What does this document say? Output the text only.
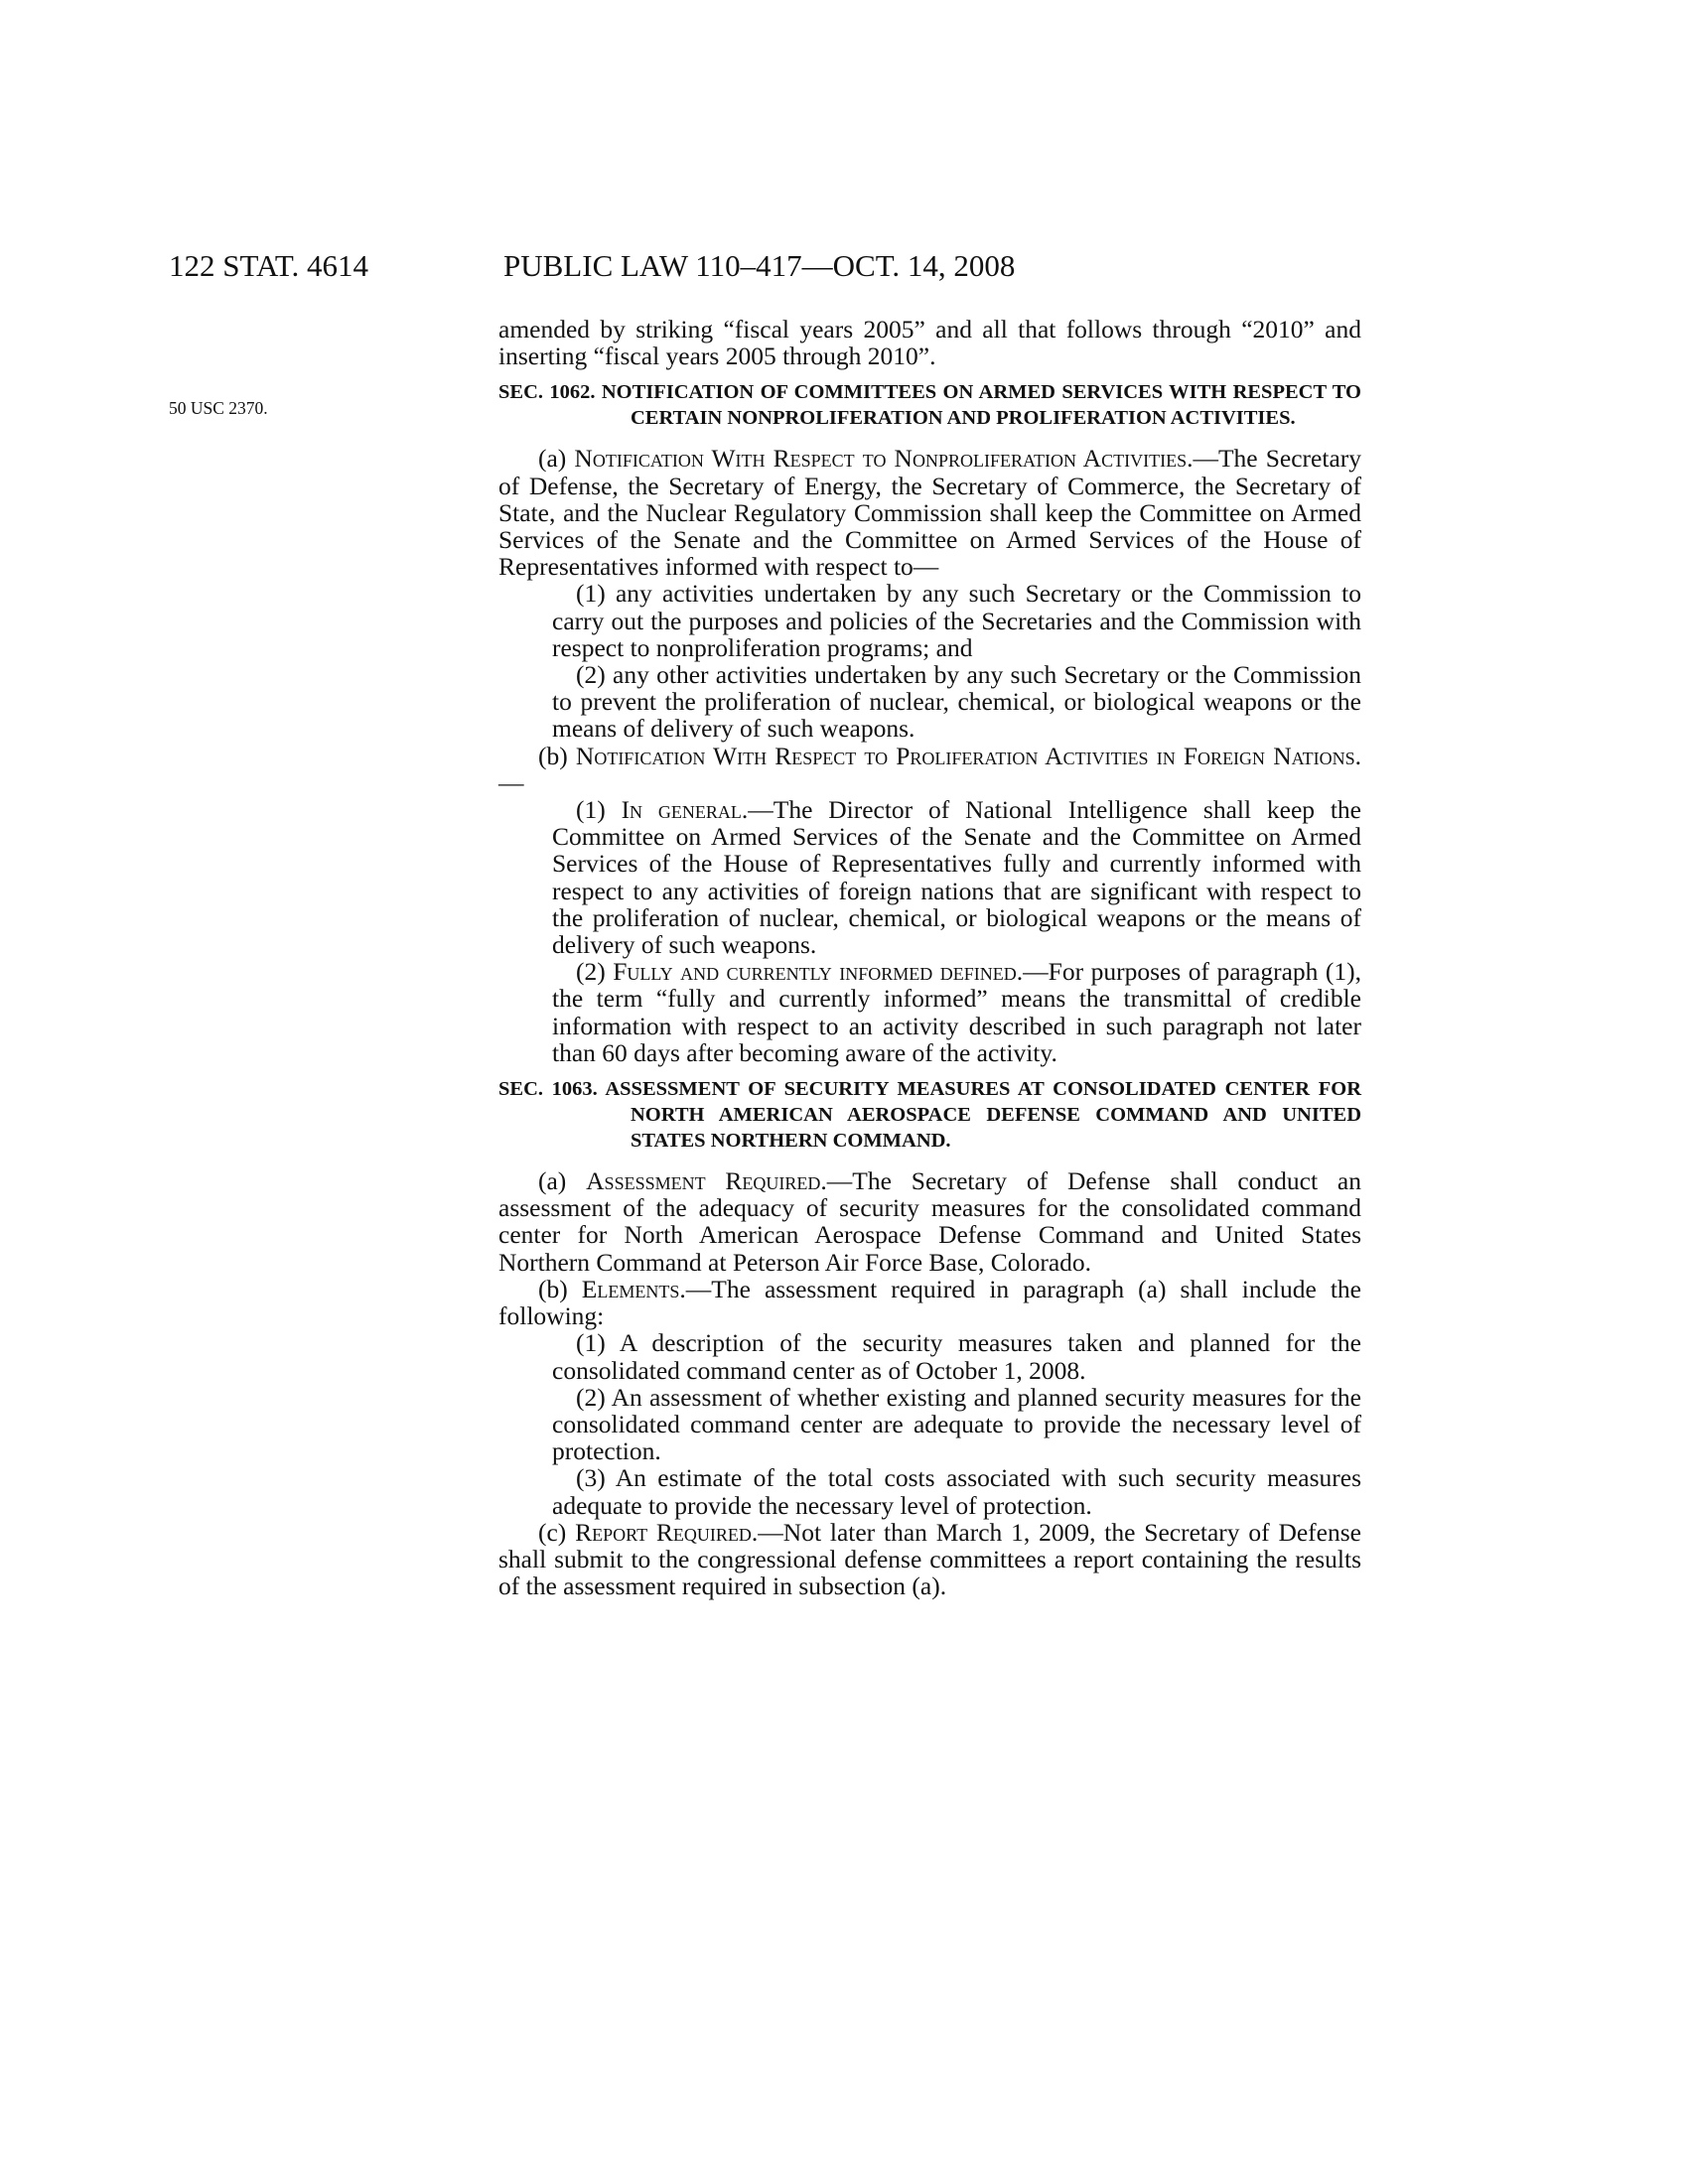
122 STAT. 4614	PUBLIC LAW 110–417—OCT. 14, 2008
50 USC 2370.

amended by striking “fiscal years 2005” and all that follows through “2010” and inserting “fiscal years 2005 through 2010”.

SEC. 1062. NOTIFICATION OF COMMITTEES ON ARMED SERVICES WITH RESPECT TO CERTAIN NONPROLIFERATION AND PROLIFERATION ACTIVITIES.

(a) Notification With Respect to Nonproliferation Activities.—The Secretary of Defense, the Secretary of Energy, the Secretary of Commerce, the Secretary of State, and the Nuclear Regulatory Commission shall keep the Committee on Armed Services of the Senate and the Committee on Armed Services of the House of Representatives informed with respect to—

(1) any activities undertaken by any such Secretary or the Commission to carry out the purposes and policies of the Secretaries and the Commission with respect to nonproliferation programs; and

(2) any other activities undertaken by any such Secretary or the Commission to prevent the proliferation of nuclear, chemical, or biological weapons or the means of delivery of such weapons.

(b) Notification With Respect to Proliferation Activities in Foreign Nations.—

(1) In general.—The Director of National Intelligence shall keep the Committee on Armed Services of the Senate and the Committee on Armed Services of the House of Representatives fully and currently informed with respect to any activities of foreign nations that are significant with respect to the proliferation of nuclear, chemical, or biological weapons or the means of delivery of such weapons.

(2) Fully and currently informed defined.—For purposes of paragraph (1), the term “fully and currently informed” means the transmittal of credible information with respect to an activity described in such paragraph not later than 60 days after becoming aware of the activity.

SEC. 1063. ASSESSMENT OF SECURITY MEASURES AT CONSOLIDATED CENTER FOR NORTH AMERICAN AEROSPACE DEFENSE COMMAND AND UNITED STATES NORTHERN COMMAND.

(a) Assessment Required.—The Secretary of Defense shall conduct an assessment of the adequacy of security measures for the consolidated command center for North American Aerospace Defense Command and United States Northern Command at Peterson Air Force Base, Colorado.

(b) Elements.—The assessment required in paragraph (a) shall include the following:

(1) A description of the security measures taken and planned for the consolidated command center as of October 1, 2008.

(2) An assessment of whether existing and planned security measures for the consolidated command center are adequate to provide the necessary level of protection.

(3) An estimate of the total costs associated with such security measures adequate to provide the necessary level of protection.

(c) Report Required.—Not later than March 1, 2009, the Secretary of Defense shall submit to the congressional defense committees a report containing the results of the assessment required in subsection (a).
